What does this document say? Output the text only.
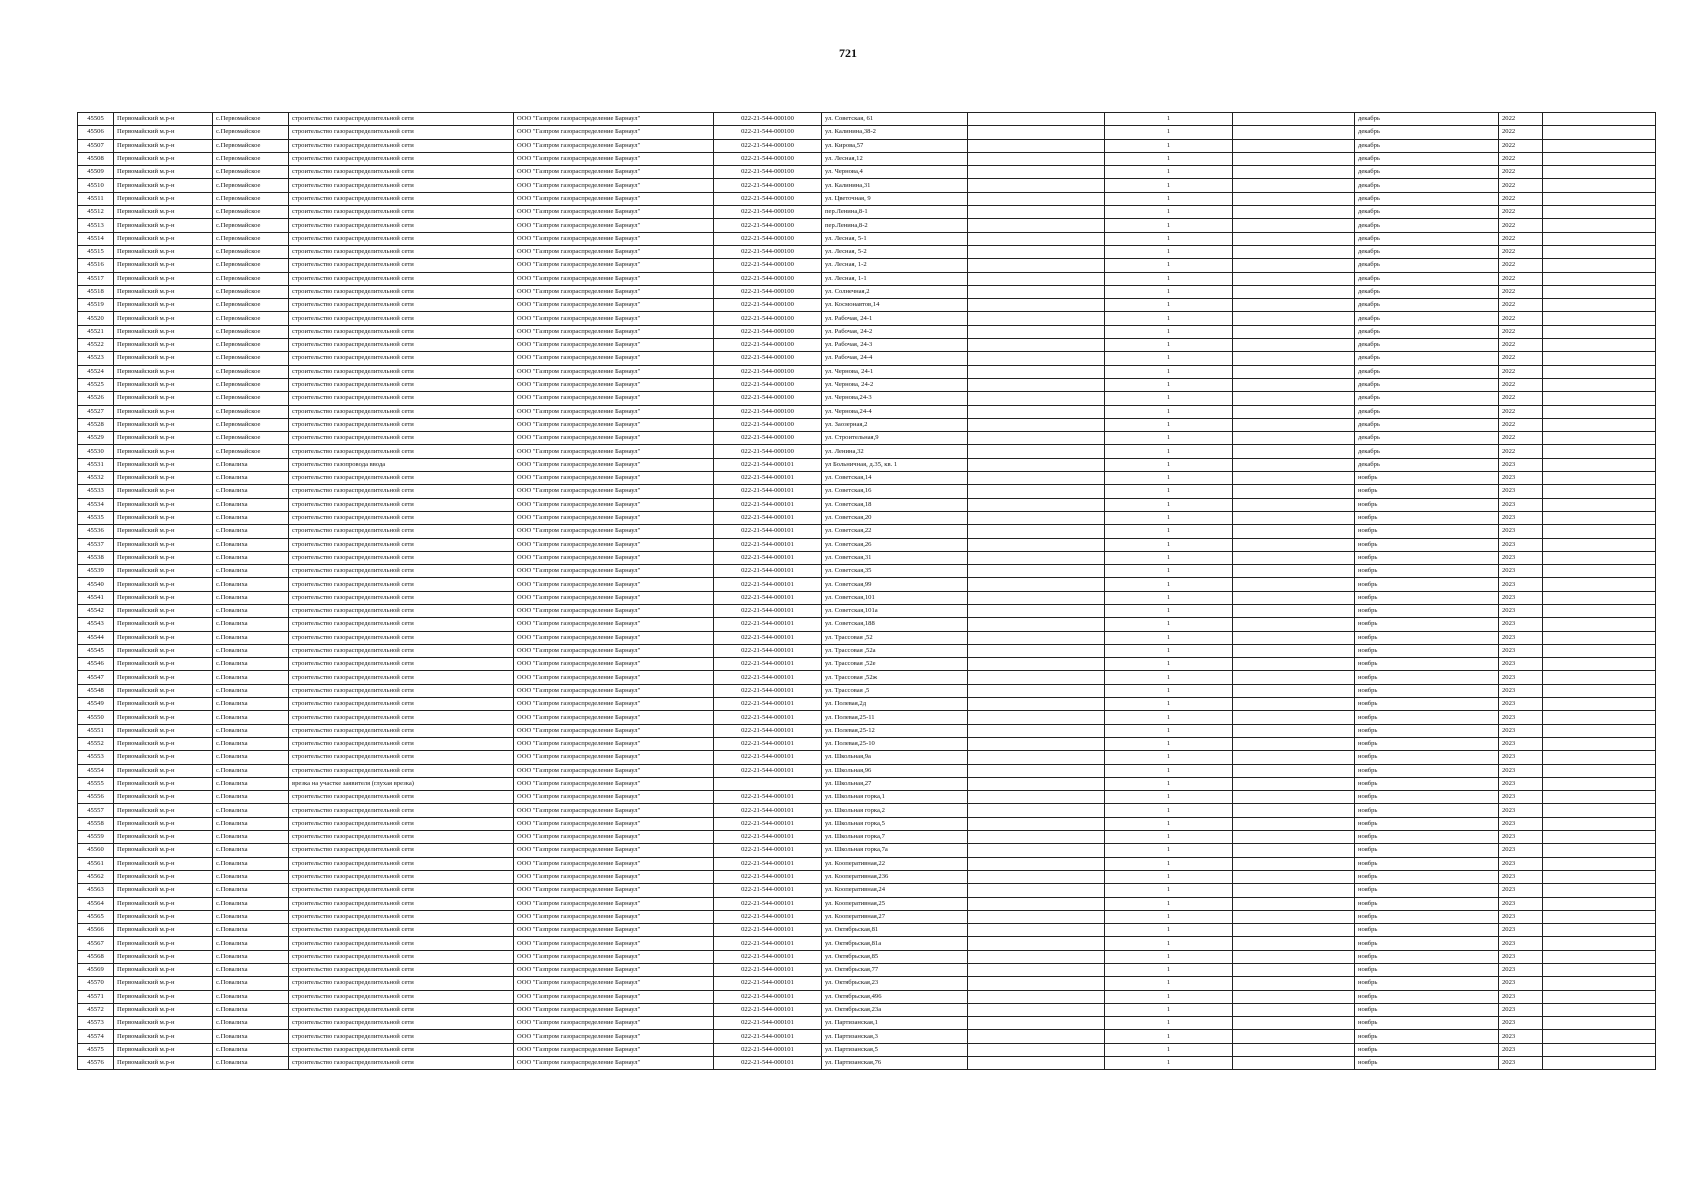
721
45505	Первомайский м.р-н	с.Первомайское	строительство газораспределительной сети	ООО "Газпром газораспределение Барнаул"	022-21-544-000100	ул. Советская, 61		1		декабрь	2022	
45506	Первомайский м.р-н	с.Первомайское	строительство газораспределительной сети	ООО "Газпром газораспределение Барнаул"	022-21-544-000100	ул. Калинина,38-2		1		декабрь	2022	
45507	Первомайский м.р-н	с.Первомайское	строительство газораспределительной сети	ООО "Газпром газораспределение Барнаул"	022-21-544-000100	ул. Кирова,57		1		декабрь	2022	
45508	Первомайский м.р-н	с.Первомайское	строительство газораспределительной сети	ООО "Газпром газораспределение Барнаул"	022-21-544-000100	ул. Лесная,12		1		декабрь	2022	
45509	Первомайский м.р-н	с.Первомайское	строительство газораспределительной сети	ООО "Газпром газораспределение Барнаул"	022-21-544-000100	ул. Чернова,4		1		декабрь	2022	
45510	Первомайский м.р-н	с.Первомайское	строительство газораспределительной сети	ООО "Газпром газораспределение Барнаул"	022-21-544-000100	ул. Калинина,31		1		декабрь	2022	
45511	Первомайский м.р-н	с.Первомайское	строительство газораспределительной сети	ООО "Газпром газораспределение Барнаул"	022-21-544-000100	ул. Цветочная, 9		1		декабрь	2022	
45512	Первомайский м.р-н	с.Первомайское	строительство газораспределительной сети	ООО "Газпром газораспределение Барнаул"	022-21-544-000100	пер.Ленина,8-1		1		декабрь	2022	
45513	Первомайский м.р-н	с.Первомайское	строительство газораспределительной сети	ООО "Газпром газораспределение Барнаул"	022-21-544-000100	пер.Ленина,8-2		1		декабрь	2022	
45514	Первомайский м.р-н	с.Первомайское	строительство газораспределительной сети	ООО "Газпром газораспределение Барнаул"	022-21-544-000100	ул. Лесная, 5-1		1		декабрь	2022	
45515	Первомайский м.р-н	с.Первомайское	строительство газораспределительной сети	ООО "Газпром газораспределение Барнаул"	022-21-544-000100	ул. Лесная, 5-2		1		декабрь	2022	
45516	Первомайский м.р-н	с.Первомайское	строительство газораспределительной сети	ООО "Газпром газораспределение Барнаул"	022-21-544-000100	ул. Лесная, 1-2		1		декабрь	2022	
45517	Первомайский м.р-н	с.Первомайское	строительство газораспределительной сети	ООО "Газпром газораспределение Барнаул"	022-21-544-000100	ул. Лесная, 1-1		1		декабрь	2022	
45518	Первомайский м.р-н	с.Первомайское	строительство газораспределительной сети	ООО "Газпром газораспределение Барнаул"	022-21-544-000100	ул. Солнечная,2		1		декабрь	2022	
45519	Первомайский м.р-н	с.Первомайское	строительство газораспределительной сети	ООО "Газпром газораспределение Барнаул"	022-21-544-000100	ул. Космонавтов,14		1		декабрь	2022	
45520	Первомайский м.р-н	с.Первомайское	строительство газораспределительной сети	ООО "Газпром газораспределение Барнаул"	022-21-544-000100	ул. Рабочая, 24-1		1		декабрь	2022	
45521	Первомайский м.р-н	с.Первомайское	строительство газораспределительной сети	ООО "Газпром газораспределение Барнаул"	022-21-544-000100	ул. Рабочая, 24-2		1		декабрь	2022	
45522	Первомайский м.р-н	с.Первомайское	строительство газораспределительной сети	ООО "Газпром газораспределение Барнаул"	022-21-544-000100	ул. Рабочая, 24-3		1		декабрь	2022	
45523	Первомайский м.р-н	с.Первомайское	строительство газораспределительной сети	ООО "Газпром газораспределение Барнаул"	022-21-544-000100	ул. Рабочая, 24-4		1		декабрь	2022	
45524	Первомайский м.р-н	с.Первомайское	строительство газораспределительной сети	ООО "Газпром газораспределение Барнаул"	022-21-544-000100	ул. Чернова, 24-1		1		декабрь	2022	
45525	Первомайский м.р-н	с.Первомайское	строительство газораспределительной сети	ООО "Газпром газораспределение Барнаул"	022-21-544-000100	ул. Чернова, 24-2		1		декабрь	2022	
45526	Первомайский м.р-н	с.Первомайское	строительство газораспределительной сети	ООО "Газпром газораспределение Барнаул"	022-21-544-000100	ул. Чернова,24-3		1		декабрь	2022	
45527	Первомайский м.р-н	с.Первомайское	строительство газораспределительной сети	ООО "Газпром газораспределение Барнаул"	022-21-544-000100	ул. Чернова,24-4		1		декабрь	2022	
45528	Первомайский м.р-н	с.Первомайское	строительство газораспределительной сети	ООО "Газпром газораспределение Барнаул"	022-21-544-000100	ул. Заозерная,2		1		декабрь	2022	
45529	Первомайский м.р-н	с.Первомайское	строительство газораспределительной сети	ООО "Газпром газораспределение Барнаул"	022-21-544-000100	ул. Строительная,9		1		декабрь	2022	
45530	Первомайский м.р-н	с.Первомайское	строительство газораспределительной сети	ООО "Газпром газораспределение Барнаул"	022-21-544-000100	ул. Ленина,32		1		декабрь	2022	
45531	Первомайский м.р-н	с.Повалиха	строительство газопровода ввода	ООО "Газпром газораспределение Барнаул"	022-21-544-000101	ул Больничная, д.35, кв. 1		1		декабрь	2023	
45532	Первомайский м.р-н	с.Повалиха	строительство газораспределительной сети	ООО "Газпром газораспределение Барнаул"	022-21-544-000101	ул. Советская,14		1		ноябрь	2023	
45533	Первомайский м.р-н	с.Повалиха	строительство газораспределительной сети	ООО "Газпром газораспределение Барнаул"	022-21-544-000101	ул. Советская,16		1		ноябрь	2023	
45534	Первомайский м.р-н	с.Повалиха	строительство газораспределительной сети	ООО "Газпром газораспределение Барнаул"	022-21-544-000101	ул. Советская,18		1		ноябрь	2023	
45535	Первомайский м.р-н	с.Повалиха	строительство газораспределительной сети	ООО "Газпром газораспределение Барнаул"	022-21-544-000101	ул. Советская,20		1		ноябрь	2023	
45536	Первомайский м.р-н	с.Повалиха	строительство газораспределительной сети	ООО "Газпром газораспределение Барнаул"	022-21-544-000101	ул. Советская,22		1		ноябрь	2023	
45537	Первомайский м.р-н	с.Повалиха	строительство газораспределительной сети	ООО "Газпром газораспределение Барнаул"	022-21-544-000101	ул. Советская,26		1		ноябрь	2023	
45538	Первомайский м.р-н	с.Повалиха	строительство газораспределительной сети	ООО "Газпром газораспределение Барнаул"	022-21-544-000101	ул. Советская,31		1		ноябрь	2023	
45539	Первомайский м.р-н	с.Повалиха	строительство газораспределительной сети	ООО "Газпром газораспределение Барнаул"	022-21-544-000101	ул. Советская,35		1		ноябрь	2023	
45540	Первомайский м.р-н	с.Повалиха	строительство газораспределительной сети	ООО "Газпром газораспределение Барнаул"	022-21-544-000101	ул. Советская,99		1		ноябрь	2023	
45541	Первомайский м.р-н	с.Повалиха	строительство газораспределительной сети	ООО "Газпром газораспределение Барнаул"	022-21-544-000101	ул. Советская,101		1		ноябрь	2023	
45542	Первомайский м.р-н	с.Повалиха	строительство газораспределительной сети	ООО "Газпром газораспределение Барнаул"	022-21-544-000101	ул. Советская,101а		1		ноябрь	2023	
45543	Первомайский м.р-н	с.Повалиха	строительство газораспределительной сети	ООО "Газпром газораспределение Барнаул"	022-21-544-000101	ул. Советская,188		1		ноябрь	2023	
45544	Первомайский м.р-н	с.Повалиха	строительство газораспределительной сети	ООО "Газпром газораспределение Барнаул"	022-21-544-000101	ул. Трассовая ,52		1		ноябрь	2023	
45545	Первомайский м.р-н	с.Повалиха	строительство газораспределительной сети	ООО "Газпром газораспределение Барнаул"	022-21-544-000101	ул. Трассовая ,52а		1		ноябрь	2023	
45546	Первомайский м.р-н	с.Повалиха	строительство газораспределительной сети	ООО "Газпром газораспределение Барнаул"	022-21-544-000101	ул. Трассовая ,52е		1		ноябрь	2023	
45547	Первомайский м.р-н	с.Повалиха	строительство газораспределительной сети	ООО "Газпром газораспределение Барнаул"	022-21-544-000101	ул. Трассовая ,52ж		1		ноябрь	2023	
45548	Первомайский м.р-н	с.Повалиха	строительство газораспределительной сети	ООО "Газпром газораспределение Барнаул"	022-21-544-000101	ул. Трассовая ,5		1		ноябрь	2023	
45549	Первомайский м.р-н	с.Повалиха	строительство газораспределительной сети	ООО "Газпром газораспределение Барнаул"	022-21-544-000101	ул. Полевая,2д		1		ноябрь	2023	
45550	Первомайский м.р-н	с.Повалиха	строительство газораспределительной сети	ООО "Газпром газораспределение Барнаул"	022-21-544-000101	ул. Полевая,25-11		1		ноябрь	2023	
45551	Первомайский м.р-н	с.Повалиха	строительство газораспределительной сети	ООО "Газпром газораспределение Барнаул"	022-21-544-000101	ул. Полевая,25-12		1		ноябрь	2023	
45552	Первомайский м.р-н	с.Повалиха	строительство газораспределительной сети	ООО "Газпром газораспределение Барнаул"	022-21-544-000101	ул. Полевая,25-10		1		ноябрь	2023	
45553	Первомайский м.р-н	с.Повалиха	строительство газораспределительной сети	ООО "Газпром газораспределение Барнаул"	022-21-544-000101	ул. Школьная,9а		1		ноябрь	2023	
45554	Первомайский м.р-н	с.Повалиха	строительство газораспределительной сети	ООО "Газпром газораспределение Барнаул"	022-21-544-000101	ул. Школьная,96		1		ноябрь	2023	
45555	Первомайский м.р-н	с.Повалиха	врезка на участке заявителя (глухая врезка)	ООО "Газпром газораспределение Барнаул"		ул. Школьная,27		1		ноябрь	2023	
45556	Первомайский м.р-н	с.Повалиха	строительство газораспределительной сети	ООО "Газпром газораспределение Барнаул"	022-21-544-000101	ул. Школьная горка,1		1		ноябрь	2023	
45557	Первомайский м.р-н	с.Повалиха	строительство газораспределительной сети	ООО "Газпром газораспределение Барнаул"	022-21-544-000101	ул. Школьная горка,2		1		ноябрь	2023	
45558	Первомайский м.р-н	с.Повалиха	строительство газораспределительной сети	ООО "Газпром газораспределение Барнаул"	022-21-544-000101	ул. Школьная горка,5		1		ноябрь	2023	
45559	Первомайский м.р-н	с.Повалиха	строительство газораспределительной сети	ООО "Газпром газораспределение Барнаул"	022-21-544-000101	ул. Школьная горка,7		1		ноябрь	2023	
45560	Первомайский м.р-н	с.Повалиха	строительство газораспределительной сети	ООО "Газпром газораспределение Барнаул"	022-21-544-000101	ул. Школьная горка,7а		1		ноябрь	2023	
45561	Первомайский м.р-н	с.Повалиха	строительство газораспределительной сети	ООО "Газпром газораспределение Барнаул"	022-21-544-000101	ул. Кооперативная,22		1		ноябрь	2023	
45562	Первомайский м.р-н	с.Повалиха	строительство газораспределительной сети	ООО "Газпром газораспределение Барнаул"	022-21-544-000101	ул. Кооперативная,236		1		ноябрь	2023	
45563	Первомайский м.р-н	с.Повалиха	строительство газораспределительной сети	ООО "Газпром газораспределение Барнаул"	022-21-544-000101	ул. Кооперативная,24		1		ноябрь	2023	
45564	Первомайский м.р-н	с.Повалиха	строительство газораспределительной сети	ООО "Газпром газораспределение Барнаул"	022-21-544-000101	ул. Кооперативная,25		1		ноябрь	2023	
45565	Первомайский м.р-н	с.Повалиха	строительство газораспределительной сети	ООО "Газпром газораспределение Барнаул"	022-21-544-000101	ул. Кооперативная,27		1		ноябрь	2023	
45566	Первомайский м.р-н	с.Повалиха	строительство газораспределительной сети	ООО "Газпром газораспределение Барнаул"	022-21-544-000101	ул. Октябрьская,81		1		ноябрь	2023	
45567	Первомайский м.р-н	с.Повалиха	строительство газораспределительной сети	ООО "Газпром газораспределение Барнаул"	022-21-544-000101	ул. Октябрьская,81а		1		ноябрь	2023	
45568	Первомайский м.р-н	с.Повалиха	строительство газораспределительной сети	ООО "Газпром газораспределение Барнаул"	022-21-544-000101	ул. Октябрьская,85		1		ноябрь	2023	
45569	Первомайский м.р-н	с.Повалиха	строительство газораспределительной сети	ООО "Газпром газораспределение Барнаул"	022-21-544-000101	ул. Октябрьская,77		1		ноябрь	2023	
45570	Первомайский м.р-н	с.Повалиха	строительство газораспределительной сети	ООО "Газпром газораспределение Барнаул"	022-21-544-000101	ул. Октябрьская,23		1		ноябрь	2023	
45571	Первомайский м.р-н	с.Повалиха	строительство газораспределительной сети	ООО "Газпром газораспределение Барнаул"	022-21-544-000101	ул. Октябрьская,496		1		ноябрь	2023	
45572	Первомайский м.р-н	с.Повалиха	строительство газораспределительной сети	ООО "Газпром газораспределение Барнаул"	022-21-544-000101	ул. Октябрьская,23а		1		ноябрь	2023	
45573	Первомайский м.р-н	с.Повалиха	строительство газораспределительной сети	ООО "Газпром газораспределение Барнаул"	022-21-544-000101	ул. Партизанская,1		1		ноябрь	2023	
45574	Первомайский м.р-н	с.Повалиха	строительство газораспределительной сети	ООО "Газпром газораспределение Барнаул"	022-21-544-000101	ул. Партизанская,3		1		ноябрь	2023	
45575	Первомайский м.р-н	с.Повалиха	строительство газораспределительной сети	ООО "Газпром газораспределение Барнаул"	022-21-544-000101	ул. Партизанская,5		1		ноябрь	2023	
45576	Первомайский м.р-н	с.Повалиха	строительство газораспределительной сети	ООО "Газпром газораспределение Барнаул"	022-21-544-000101	ул. Партизанская,76		1		ноябрь	2023	
